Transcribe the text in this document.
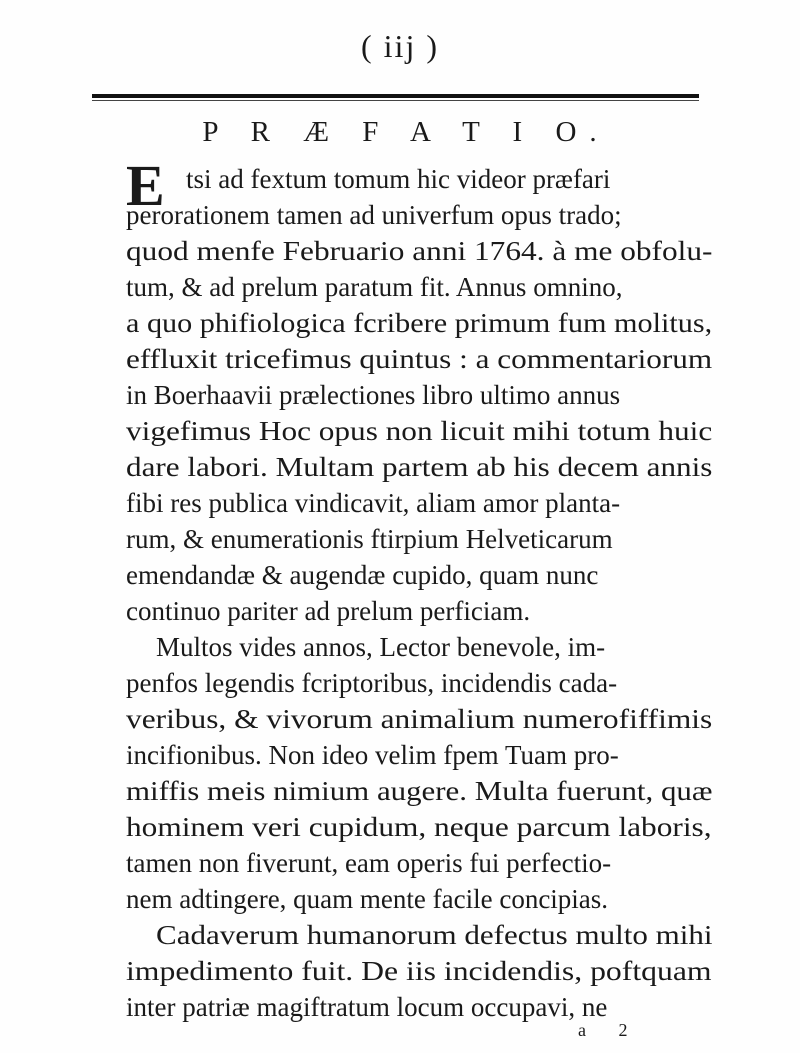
( iij )
P R Æ F A T I O.
E tsi ad fextum tomum hic videor præfari
perorationem tamen ad univerfum opus trado;
quod menfe Februario anni 1764. à me obfolu-
tum, & ad prelum paratum fit. Annus omnino,
a quo phifiologica fcribere primum fum molitus,
effluxit tricefimus quintus : a commentariorum
in Boerhaavii prælectiones libro ultimo annus
vigefimus Hoc opus non licuit mihi totum huic
dare labori. Multam partem ab his decem annis
fibi res publica vindicavit, aliam amor planta-
rum, & enumerationis ftirpium Helveticarum
emendandæ & augendæ cupido, quam nunc
continuo pariter ad prelum perficiam.
Multos vides annos, Lector benevole, im-
penfos legendis fcriptoribus, incidendis cada-
veribus, & vivorum animalium numerofiffimis
incifionibus. Non ideo velim fpem Tuam pro-
miffis meis nimium augere. Multa fuerunt, quæ
hominem veri cupidum, neque parcum laboris,
tamen non fiverunt, eam operis fui perfectio-
nem adtingere, quam mente facile concipias.
Cadaverum humanorum defectus multo mihi
impedimento fuit. De iis incidendis, poftquam
inter patriæ magiftratum locum occupavi, ne
a 2
